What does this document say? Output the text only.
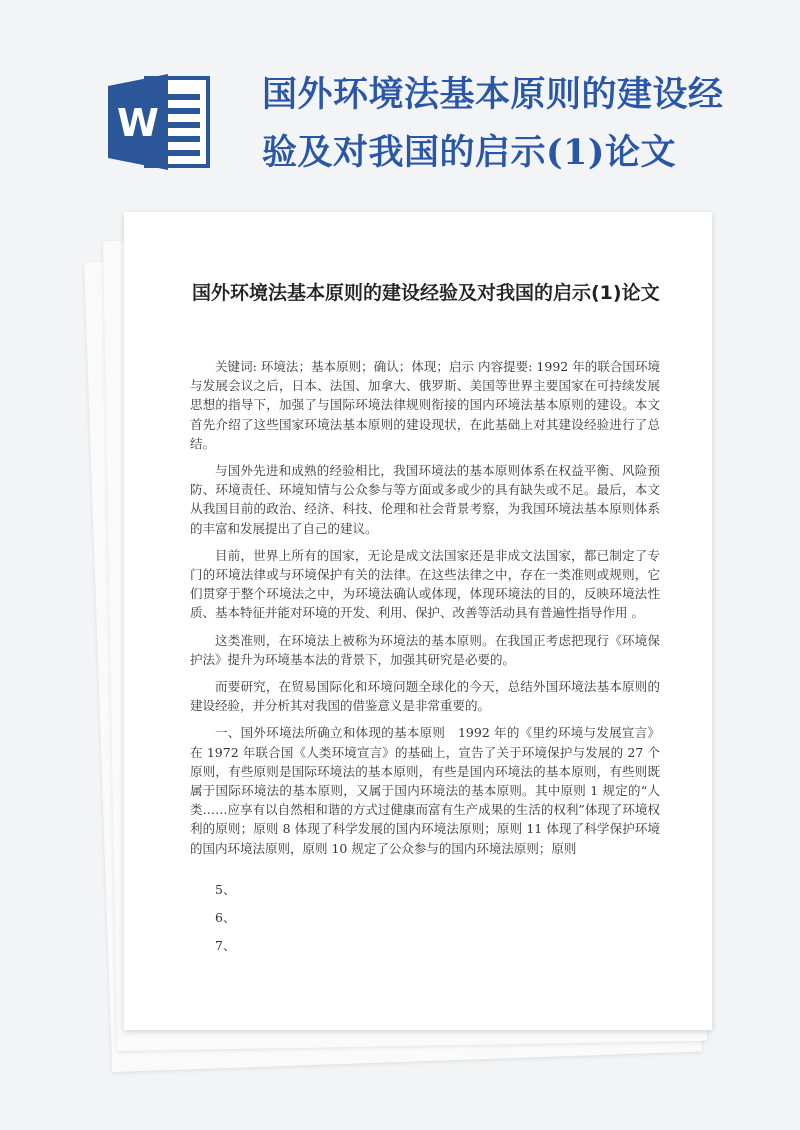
W
国外环境法基本原则的建设经验及对我国的启示(1)论文
国外环境法基本原则的建设经验及对我国的启示(1)论文

关键词: 环境法；基本原则；确认；体现；启示 内容提要: 1992 年的联合国环境与发展会议之后，日本、法国、加拿大、俄罗斯、美国等世界主要国家在可持续发展思想的指导下，加强了与国际环境法律规则衔接的国内环境法基本原则的建设。本文首先介绍了这些国家环境法基本原则的建设现状，在此基础上对其建设经验进行了总结。

与国外先进和成熟的经验相比，我国环境法的基本原则体系在权益平衡、风险预防、环境责任、环境知情与公众参与等方面或多或少的具有缺失或不足。最后，本文从我国目前的政治、经济、科技、伦理和社会背景考察，为我国环境法基本原则体系的丰富和发展提出了自己的建议。

目前，世界上所有的国家，无论是成文法国家还是非成文法国家，都已制定了专门的环境法律或与环境保护有关的法律。在这些法律之中，存在一类准则或规则，它们贯穿于整个环境法之中，为环境法确认或体现，体现环境法的目的，反映环境法性质、基本特征并能对环境的开发、利用、保护、改善等活动具有普遍性指导作用 。

这类准则，在环境法上被称为环境法的基本原则。在我国正考虑把现行《环境保护法》提升为环境基本法的背景下，加强其研究是必要的。

而要研究，在贸易国际化和环境问题全球化的今天，总结外国环境法基本原则的建设经验，并分析其对我国的借鉴意义是非常重要的。

一、国外环境法所确立和体现的基本原则　1992 年的《里约环境与发展宣言》在 1972 年联合国《人类环境宣言》的基础上，宣告了关于环境保护与发展的 27 个原则，有些原则是国际环境法的基本原则，有些是国内环境法的基本原则，有些则既属于国际环境法的基本原则，又属于国内环境法的基本原则。其中原则 1 规定的“人类……应享有以自然相和谐的方式过健康而富有生产成果的生活的权利”体现了环境权利的原则；原则 8 体现了科学发展的国内环境法原则；原则 11 体现了科学保护环境的国内环境法原则，原则 10 规定了公众参与的国内环境法原则；原则

5、

6、

7、
